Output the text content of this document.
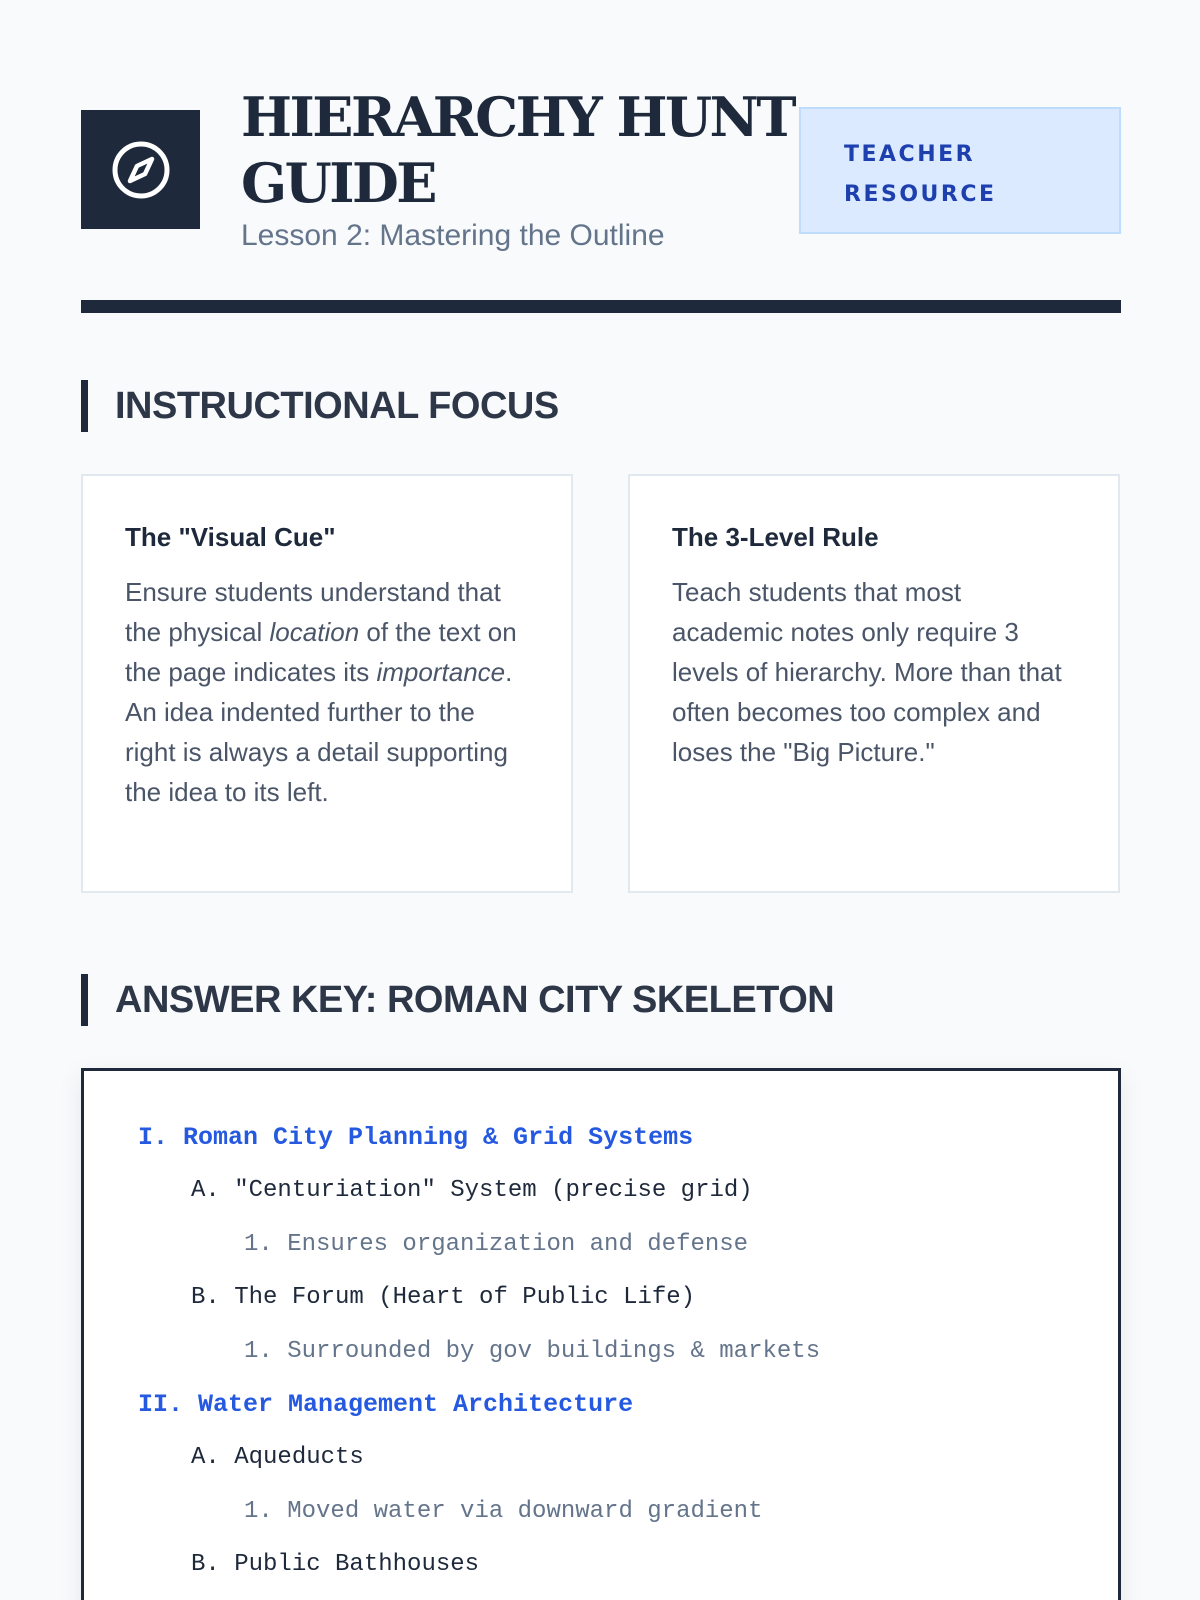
HIERARCHY HUNT
GUIDE
Lesson 2: Mastering the Outline
TEACHER
RESOURCE
INSTRUCTIONAL FOCUS
The "Visual Cue"

Ensure students understand that the physical location of the text on the page indicates its importance. An idea indented further to the right is always a detail supporting the idea to its left.

The 3-Level Rule

Teach students that most academic notes only require 3 levels of hierarchy. More than that often becomes too complex and loses the "Big Picture."

ANSWER KEY: ROMAN CITY SKELETON
I. Roman City Planning & Grid Systems
A. "Centuriation" System (precise grid)
1. Ensures organization and defense
B. The Forum (Heart of Public Life)
1. Surrounded by gov buildings & markets
II. Water Management Architecture
A. Aqueducts
1. Moved water via downward gradient
B. Public Bathhouses
